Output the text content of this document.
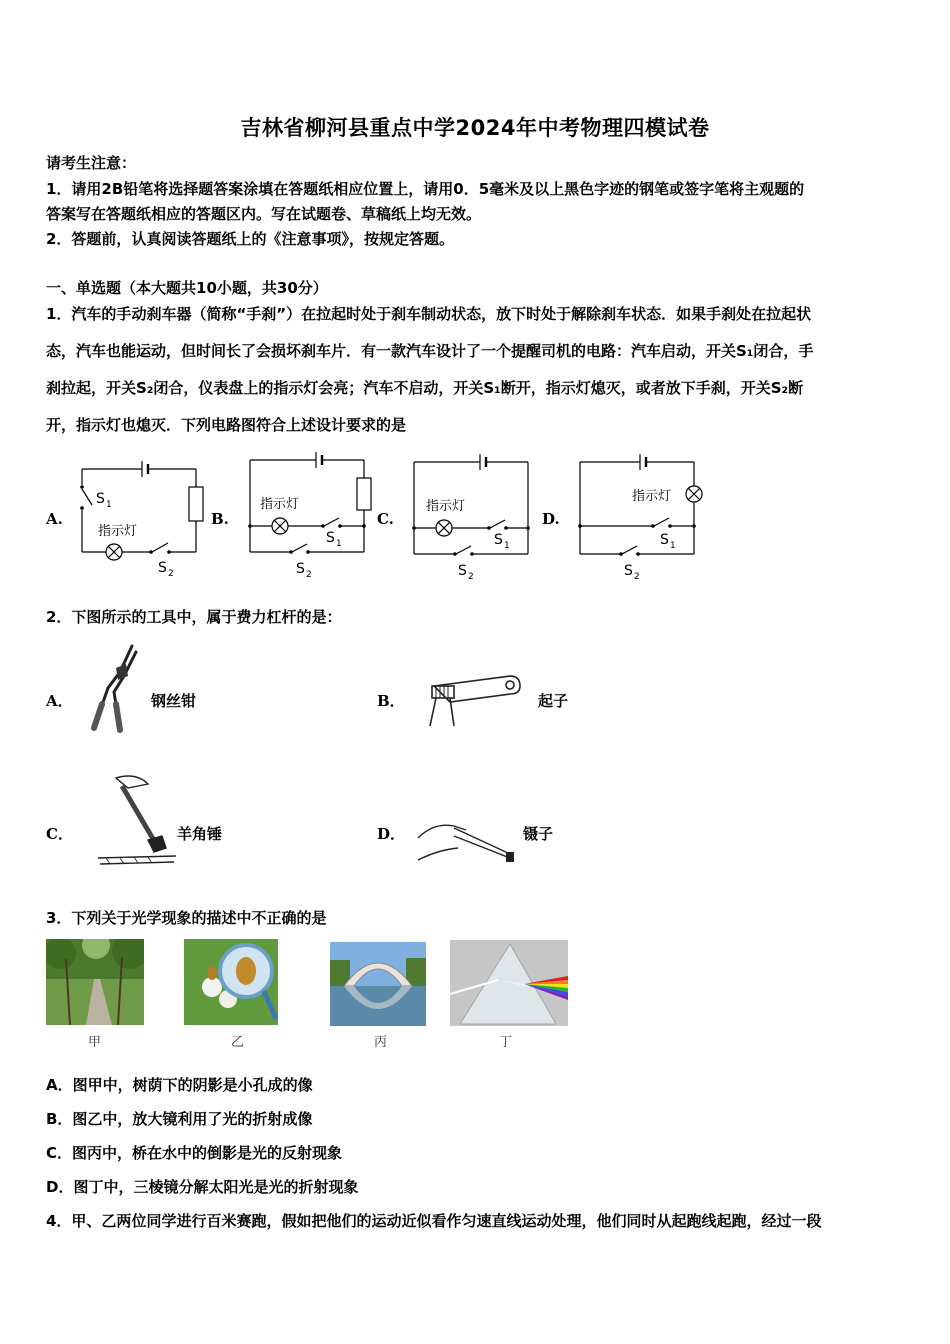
吉林省柳河县重点中学2024年中考物理四模试卷
请考生注意：
1．请用2B铅笔将选择题答案涂填在答题纸相应位置上，请用0．5毫米及以上黑色字迹的钢笔或签字笔将主观题的
答案写在答题纸相应的答题区内。写在试题卷、草稿纸上均无效。
2．答题前，认真阅读答题纸上的《注意事项》，按规定答题。
一、单选题（本大题共10小题，共30分）
1．汽车的手动刹车器（简称“手刹”）在拉起时处于刹车制动状态，放下时处于解除刹车状态．如果手刹处在拉起状
态，汽车也能运动，但时间长了会损坏刹车片．有一款汽车设计了一个提醒司机的电路：汽车启动，开关S₁闭合，手
刹拉起，开关S₂闭合，仪表盘上的指示灯会亮；汽车不启动，开关S₁断开，指示灯熄灭，或者放下手刹，开关S₂断
开，指示灯也熄灭．下列电路图符合上述设计要求的是
A.	B.	C.	D.
S 1
指示灯
S 2
指示灯
S 1
S 2
指示灯
S 1
S 2
指示灯
S 1
S 2
2．下图所示的工具中，属于费力杠杆的是：
A．	钢丝钳	B．	起子
C．	羊角锤	D．	镊子
3．下列关于光学现象的描述中不正确的是
甲	乙	丙	丁
A．图甲中，树荫下的阴影是小孔成的像
B．图乙中，放大镜利用了光的折射成像
C．图丙中，桥在水中的倒影是光的反射现象
D．图丁中，三棱镜分解太阳光是光的折射现象
4．甲、乙两位同学进行百米赛跑，假如把他们的运动近似看作匀速直线运动处理，他们同时从起跑线起跑，经过一段
